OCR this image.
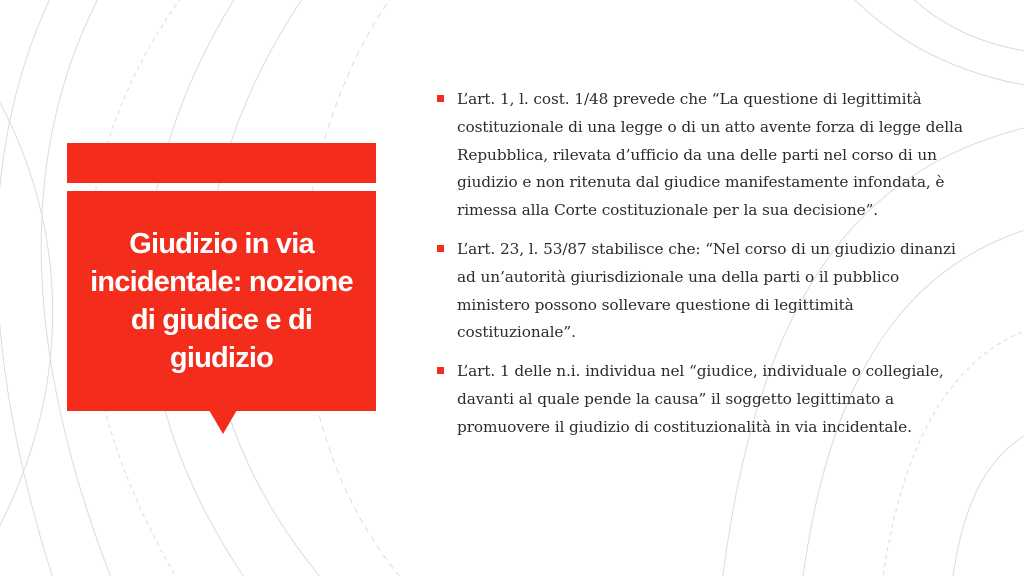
Giudizio in via incidentale: nozione di giudice e di giudizio
L’art. 1, l. cost. 1/48 prevede che “La questione di legittimità costituzionale di una legge o di un atto avente forza di legge della Repubblica, rilevata d’ufficio da una delle parti nel corso di un giudizio e non ritenuta dal giudice manifestamente infondata, è rimessa alla Corte costituzionale per la sua decisione”.
L’art. 23, l. 53/87 stabilisce che: “Nel corso di un giudizio dinanzi ad un’autorità giurisdizionale una della parti o il pubblico ministero possono sollevare questione di legittimità costituzionale”.
L’art. 1 delle n.i. individua nel “giudice, individuale o collegiale, davanti al quale pende la causa” il soggetto legittimato a promuovere il giudizio di costituzionalità in via incidentale.
